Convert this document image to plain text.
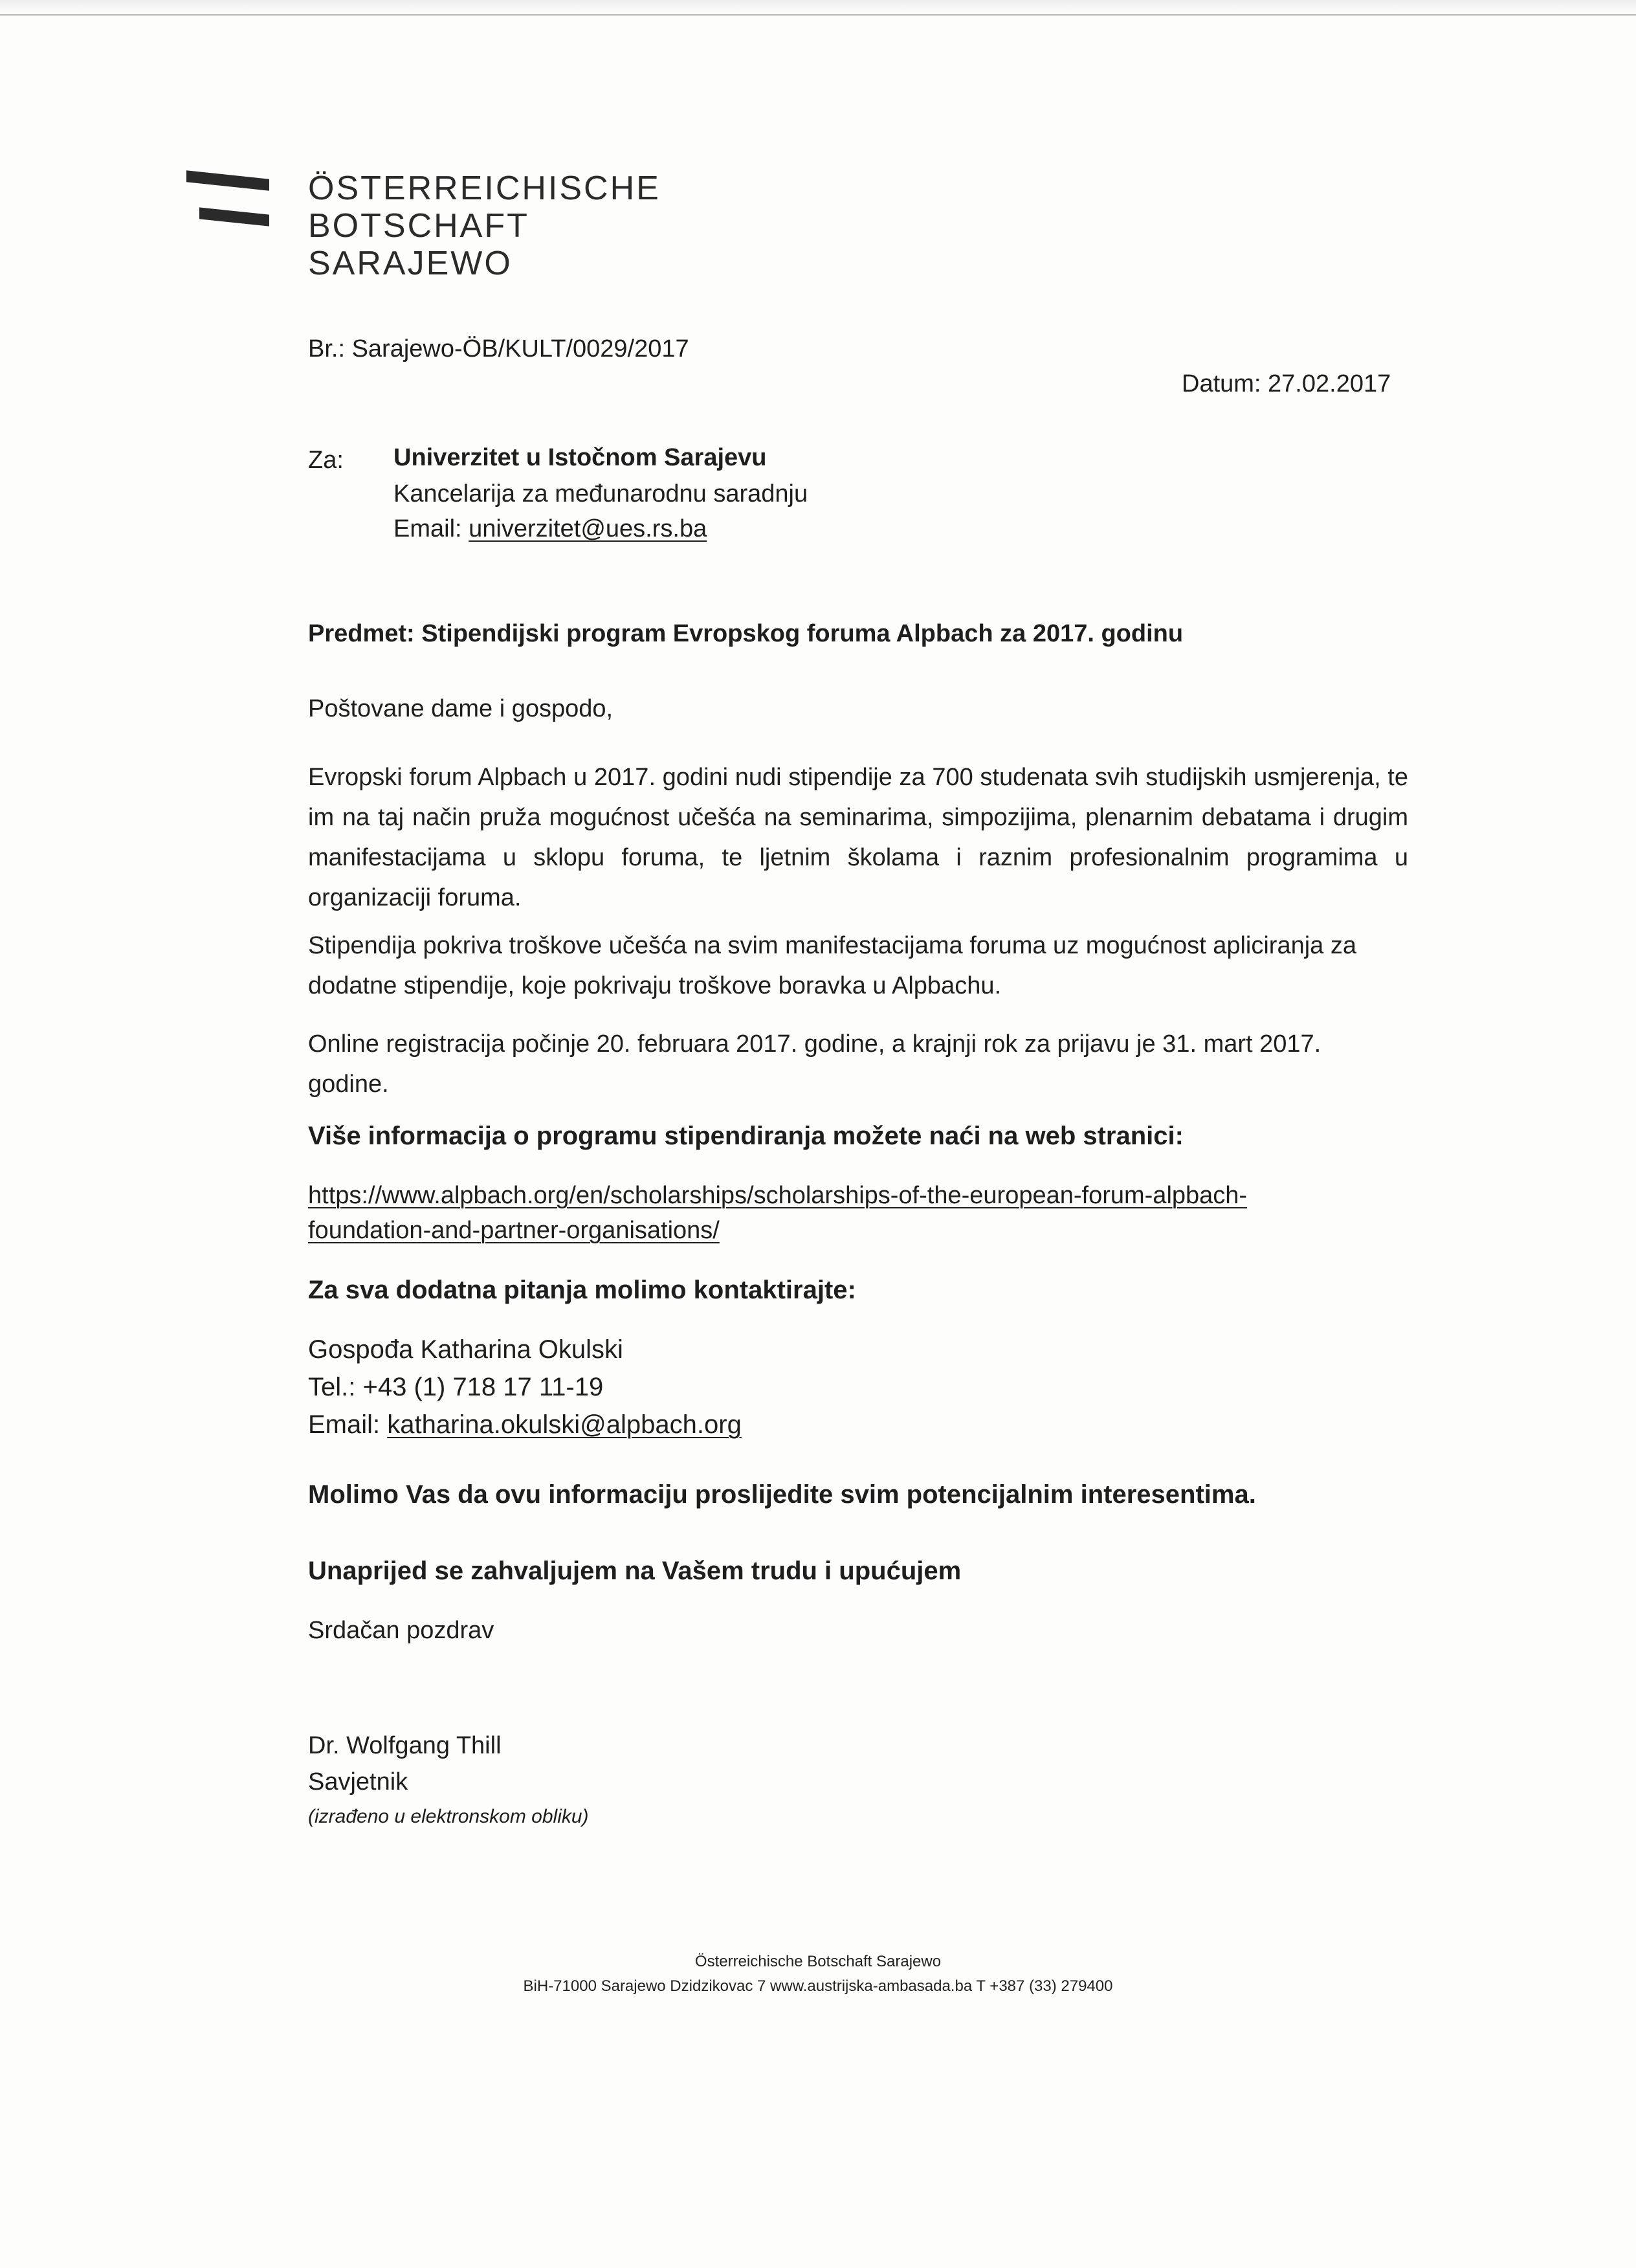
ÖSTERREICHISCHE
BOTSCHAFT
SARAJEWO
Br.: Sarajewo-ÖB/KULT/0029/2017
Datum: 27.02.2017
Za: Univerzitet u Istočnom Sarajevu
Kancelarija za međunarodnu saradnju
Email: univerzitet@ues.rs.ba
Predmet: Stipendijski program Evropskog foruma Alpbach za 2017. godinu
Poštovane dame i gospodo,
Evropski forum Alpbach u 2017. godini nudi stipendije za 700 studenata svih studijskih usmjerenja, te im na taj način pruža mogućnost učešća na seminarima, simpozijima, plenarnim debatama i drugim manifestacijama u sklopu foruma, te ljetnim školama i raznim profesionalnim programima u organizaciji foruma.
Stipendija pokriva troškove učešća na svim manifestacijama foruma uz mogućnost apliciranja za dodatne stipendije, koje pokrivaju troškove boravka u Alpbachu.
Online registracija počinje 20. februara 2017. godine, a krajnji rok za prijavu je 31. mart 2017. godine.
Više informacija o programu stipendiranja možete naći na web stranici:
https://www.alpbach.org/en/scholarships/scholarships-of-the-european-forum-alpbach-
foundation-and-partner-organisations/
Za sva dodatna pitanja molimo kontaktirajte:
Gospođa Katharina Okulski
Tel.: +43 (1) 718 17 11-19
Email: katharina.okulski@alpbach.org
Molimo Vas da ovu informaciju proslijedite svim potencijalnim interesentima.
Unaprijed se zahvaljujem na Vašem trudu i upućujem
Srdačan pozdrav
Dr. Wolfgang Thill
Savjetnik
(izrađeno u elektronskom obliku)
Österreichische Botschaft Sarajewo
BiH-71000 Sarajewo Dzidzikovac 7 www.austrijska-ambasada.ba T +387 (33) 279400
